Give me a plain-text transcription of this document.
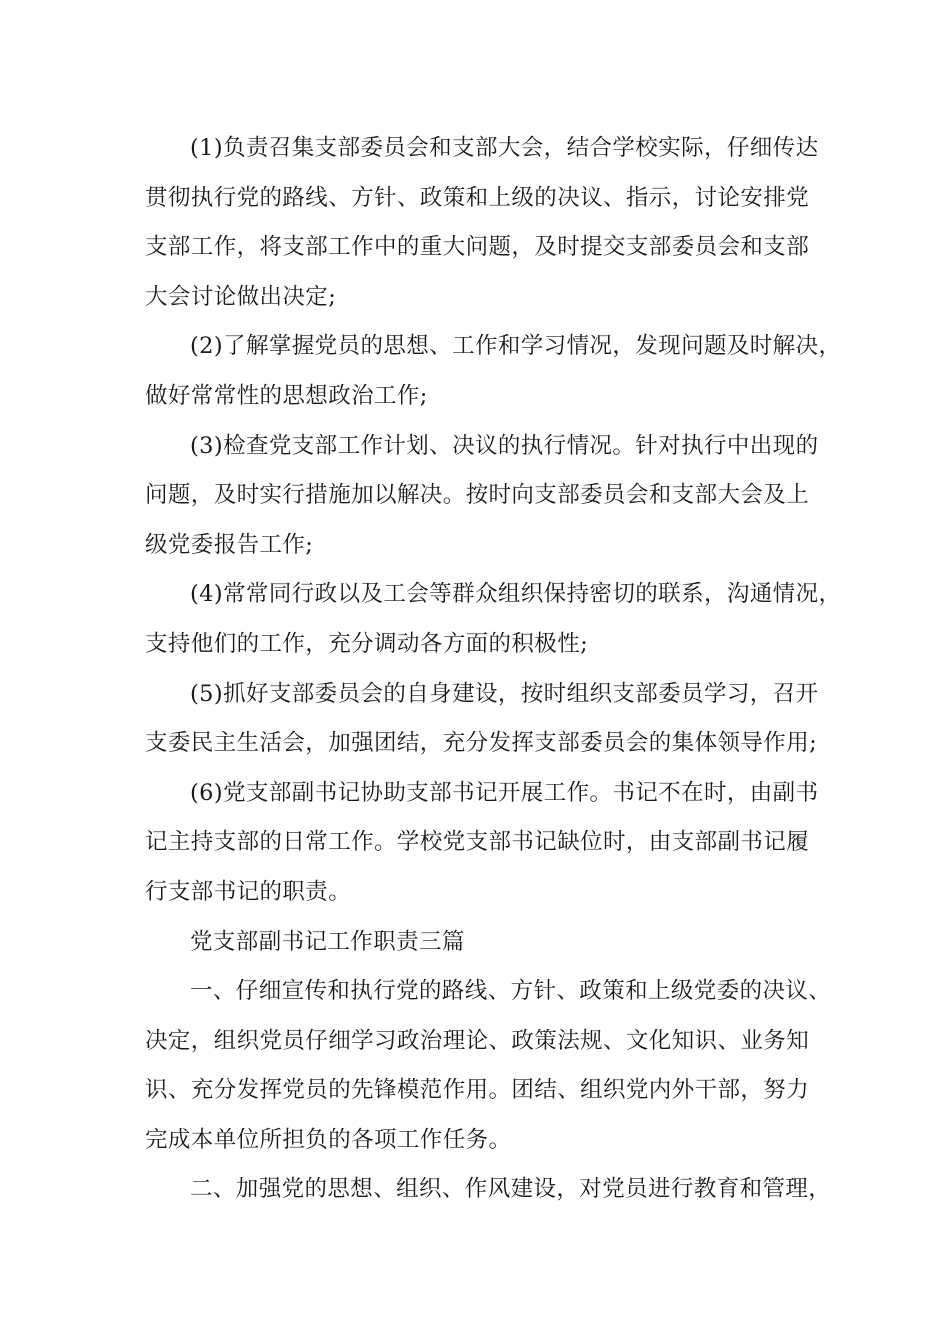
(1)负责召集支部委员会和支部大会，结合学校实际，仔细传达
贯彻执行党的路线、方针、政策和上级的决议、指示，讨论安排党
支部工作，将支部工作中的重大问题，及时提交支部委员会和支部
大会讨论做出决定;
(2)了解掌握党员的思想、工作和学习情况，发现问题及时解决，
做好常常性的思想政治工作;
(3)检查党支部工作计划、决议的执行情况。针对执行中出现的
问题，及时实行措施加以解决。按时向支部委员会和支部大会及上
级党委报告工作;
(4)常常同行政以及工会等群众组织保持密切的联系，沟通情况，
支持他们的工作，充分调动各方面的积极性;
(5)抓好支部委员会的自身建设，按时组织支部委员学习，召开
支委民主生活会，加强团结，充分发挥支部委员会的集体领导作用;
(6)党支部副书记协助支部书记开展工作。书记不在时，由副书
记主持支部的日常工作。学校党支部书记缺位时，由支部副书记履
行支部书记的职责。
党支部副书记工作职责三篇
一、仔细宣传和执行党的路线、方针、政策和上级党委的决议、
决定，组织党员仔细学习政治理论、政策法规、文化知识、业务知
识、充分发挥党员的先锋模范作用。团结、组织党内外干部，努力
完成本单位所担负的各项工作任务。
二、加强党的思想、组织、作风建设，对党员进行教育和管理，
